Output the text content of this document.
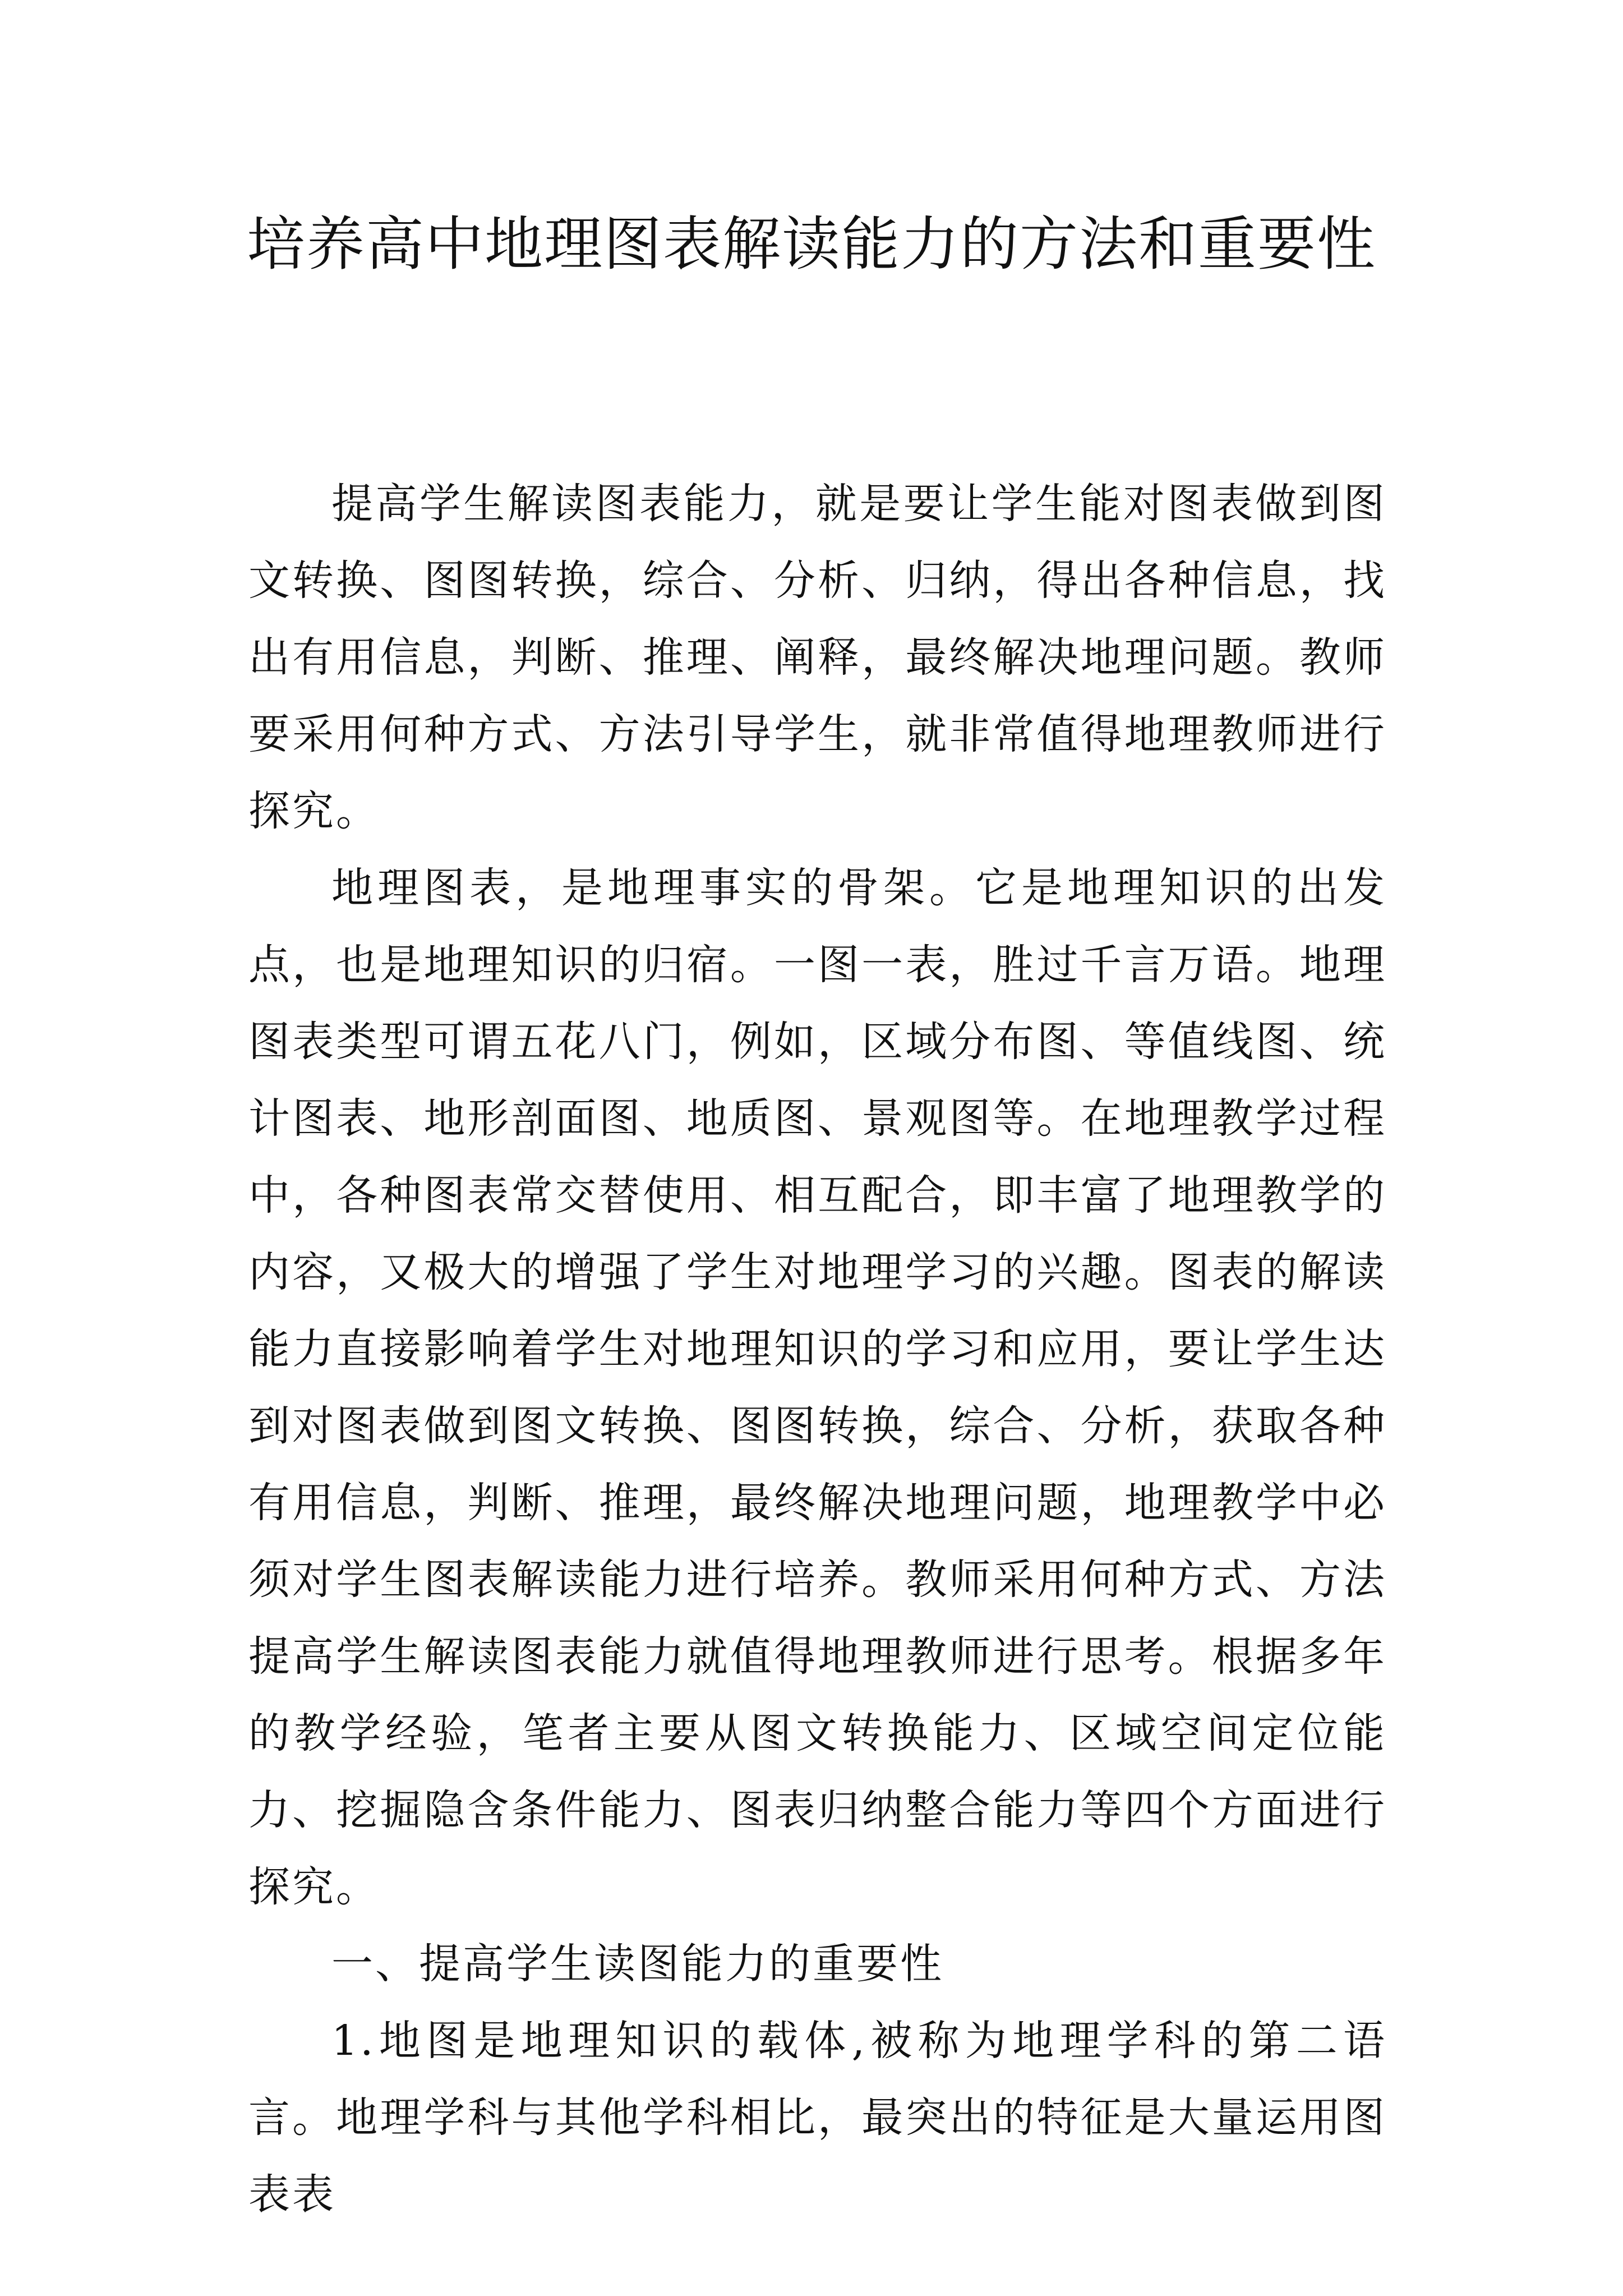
培养高中地理图表解读能力的方法和重要性

提高学生解读图表能力，就是要让学生能对图表做到图文转换、图图转换，综合、分析、归纳，得出各种信息，找出有用信息，判断、推理、阐释，最终解决地理问题。教师要采用何种方式、方法引导学生，就非常值得地理教师进行探究。

地理图表，是地理事实的骨架。它是地理知识的出发点，也是地理知识的归宿。一图一表，胜过千言万语。地理图表类型可谓五花八门，例如，区域分布图、等值线图、统计图表、地形剖面图、地质图、景观图等。在地理教学过程中，各种图表常交替使用、相互配合，即丰富了地理教学的内容，又极大的增强了学生对地理学习的兴趣。图表的解读能力直接影响着学生对地理知识的学习和应用，要让学生达到对图表做到图文转换、图图转换，综合、分析，获取各种有用信息，判断、推理，最终解决地理问题，地理教学中必须对学生图表解读能力进行培养。教师采用何种方式、方法提高学生解读图表能力就值得地理教师进行思考。根据多年的教学经验，笔者主要从图文转换能力、区域空间定位能力、挖掘隐含条件能力、图表归纳整合能力等四个方面进行探究。

一、提高学生读图能力的重要性

1.地图是地理知识的载体,被称为地理学科的第二语言。地理学科与其他学科相比，最突出的特征是大量运用图表表
